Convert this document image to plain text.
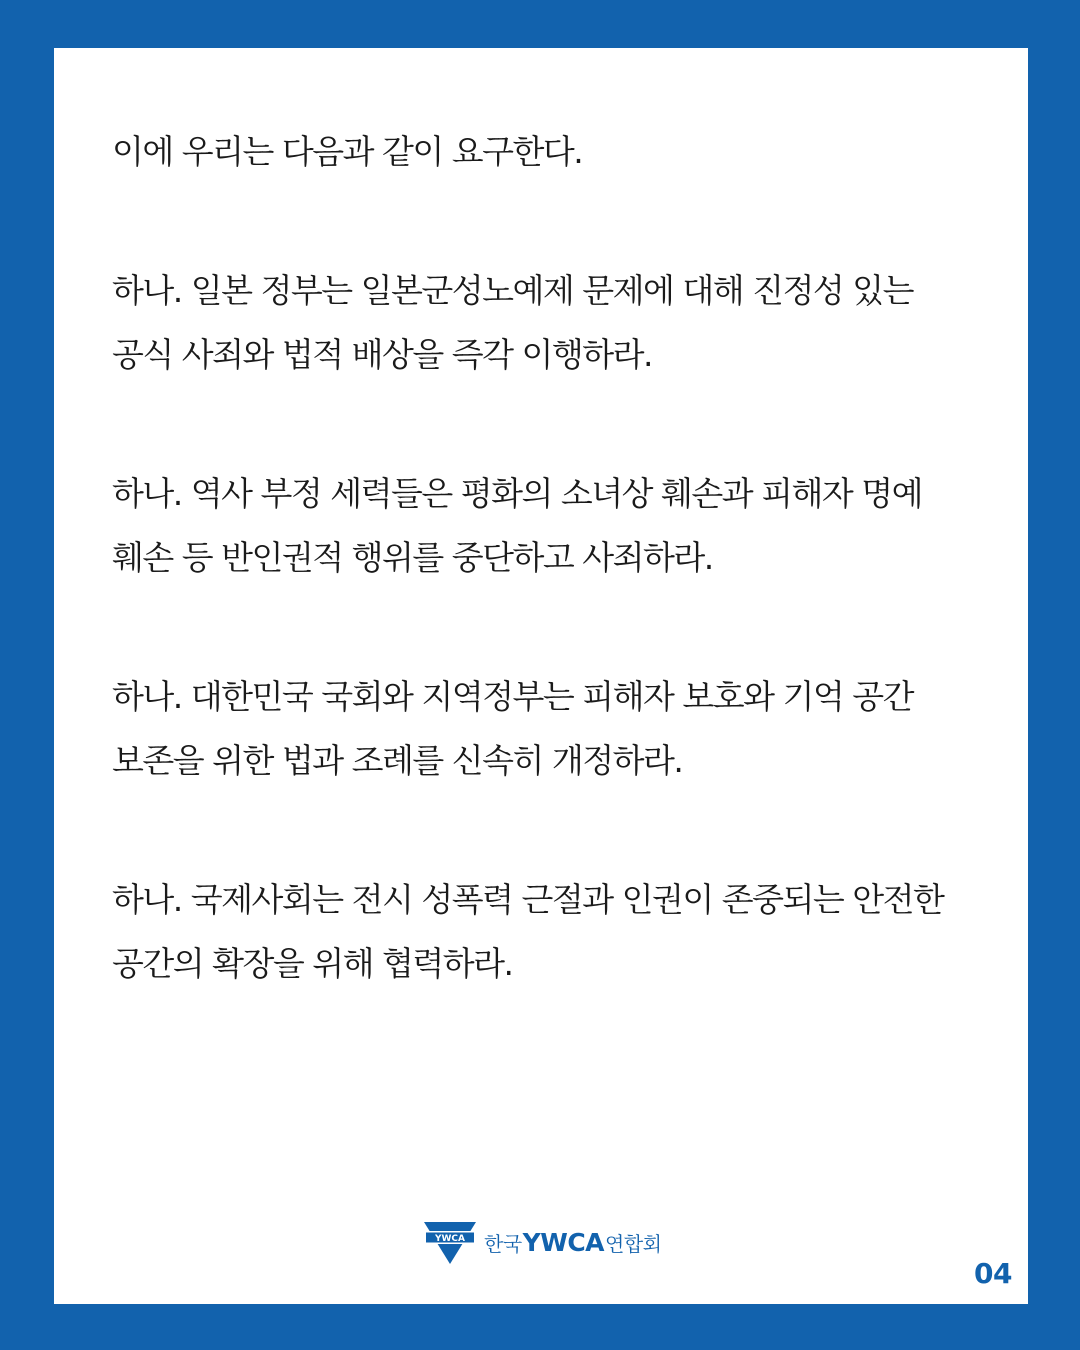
이에 우리는 다음과 같이 요구한다.

하나. 일본 정부는 일본군성노예제 문제에 대해 진정성 있는
공식 사죄와 법적 배상을 즉각 이행하라.

하나. 역사 부정 세력들은 평화의 소녀상 훼손과 피해자 명예
훼손 등 반인권적 행위를 중단하고 사죄하라.

하나. 대한민국 국회와 지역정부는 피해자 보호와 기억 공간
보존을 위한 법과 조례를 신속히 개정하라.

하나. 국제사회는 전시 성폭력 근절과 인권이 존중되는 안전한
공간의 확장을 위해 협력하라.

YWCA 한국 YWCA 연합회
04
